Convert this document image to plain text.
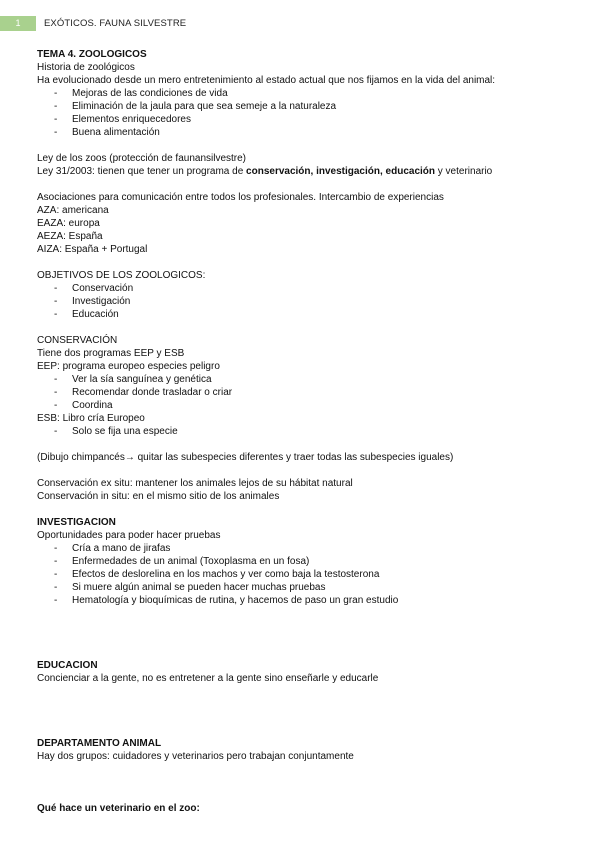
1	EXÓTICOS. FAUNA SILVESTRE
TEMA 4. ZOOLOGICOS
Historia de zoológicos
Ha evolucionado desde un mero entretenimiento al estado actual que nos fijamos en la vida del animal:
- Mejoras de las condiciones de vida
- Eliminación de la jaula para que sea semeje a la naturaleza
- Elementos enriquecedores
- Buena alimentación
Ley de los zoos (protección de faunansilvestre)
Ley 31/2003: tienen que tener un programa de conservación, investigación, educación y veterinario
Asociaciones para comunicación entre todos los profesionales. Intercambio de experiencias
AZA: americana
EAZA: europa
AEZA: España
AIZA: España + Portugal
OBJETIVOS DE LOS ZOOLOGICOS:
- Conservación
- Investigación
- Educación
CONSERVACIÓN
Tiene dos programas EEP y ESB
EEP: programa europeo especies peligro
- Ver la sía sanguínea y genética
- Recomendar donde trasladar o criar
- Coordina
ESB: Libro cría Europeo
- Solo se fija una especie
(Dibujo chimpancés→ quitar las subespecies diferentes y traer todas las subespecies iguales)
Conservación ex situ: mantener los animales lejos de su hábitat natural
Conservación in situ: en el mismo sitio de los animales
INVESTIGACION
Oportunidades para poder hacer pruebas
- Cría a mano de jirafas
- Enfermedades de un animal (Toxoplasma en un fosa)
- Efectos de deslorelina en los machos y ver como baja la testosterona
- Si muere algún animal se pueden hacer muchas pruebas
- Hematología y bioquímicas de rutina, y hacemos de paso un gran estudio
EDUCACION
Concienciar a la gente, no es entretener a la gente sino enseñarle y educarle
DEPARTAMENTO ANIMAL
Hay dos grupos: cuidadores y veterinarios pero trabajan conjuntamente
Qué hace un veterinario en el zoo:
